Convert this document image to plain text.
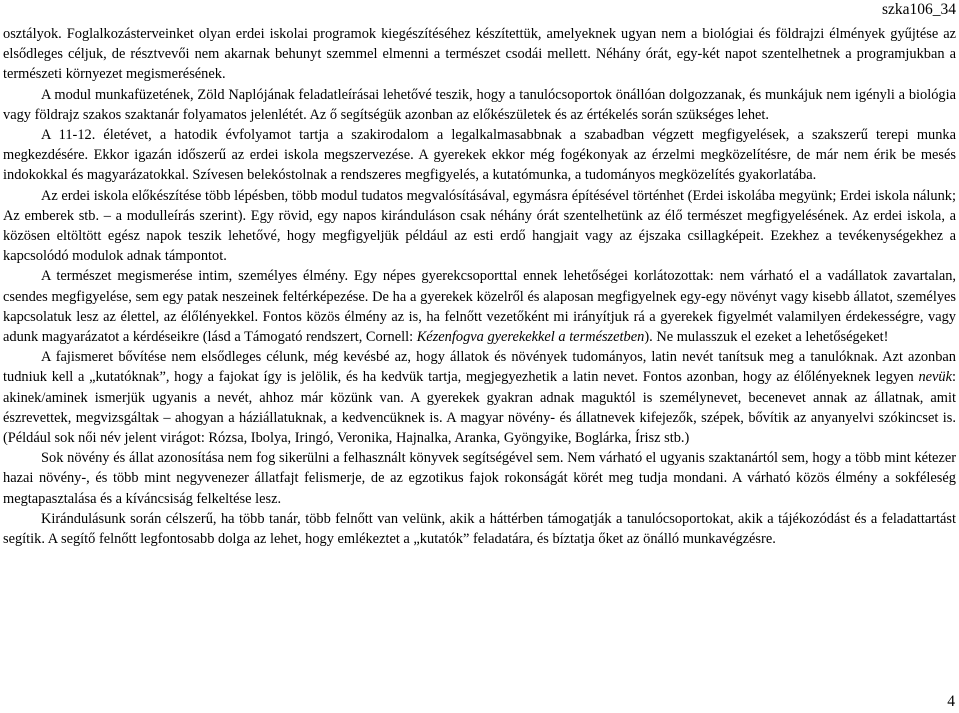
szka106_34

osztályok. Foglalkozásterveinket olyan erdei iskolai programok kiegészítéséhez készítettük, amelyeknek ugyan nem a biológiai és földrajzi élmények gyűjtése az elsődleges céljuk, de résztvevői nem akarnak behunyt szemmel elmenni a természet csodái mellett. Néhány órát, egy-két napot szentelhetnek a programjukban a természeti környezet megismerésének.

A modul munkafüzetének, Zöld Naplójának feladatleírásai lehetővé teszik, hogy a tanulócsoportok önállóan dolgozzanak, és munkájuk nem igényli a biológia vagy földrajz szakos szaktanár folyamatos jelenlétét. Az ő segítségük azonban az előkészületek és az értékelés során szükséges lehet.

A 11-12. életévet, a hatodik évfolyamot tartja a szakirodalom a legalkalmasabbnak a szabadban végzett megfigyelések, a szakszerű terepi munka megkezdésére. Ekkor igazán időszerű az erdei iskola megszervezése. A gyerekek ekkor még fogékonyak az érzelmi megközelítésre, de már nem érik be mesés indokokkal és magyarázatokkal. Szívesen belekóstolnak a rendszeres megfigyelés, a kutatómunka, a tudományos megközelítés gyakorlatába.

Az erdei iskola előkészítése több lépésben, több modul tudatos megvalósításával, egymásra építésével történhet (Erdei iskolába megyünk; Erdei iskola nálunk; Az emberek stb. – a modulleírás szerint). Egy rövid, egy napos kiránduláson csak néhány órát szentelhetünk az élő természet megfigyelésének. Az erdei iskola, a közösen eltöltött egész napok teszik lehetővé, hogy megfigyeljük például az esti erdő hangjait vagy az éjszaka csillagképeit. Ezekhez a tevékenységekhez a kapcsolódó modulok adnak támpontot.

A természet megismerése intim, személyes élmény. Egy népes gyerekcsoporttal ennek lehetőségei korlátozottak: nem várható el a vadállatok zavartalan, csendes megfigyelése, sem egy patak neszeinek feltérképezése. De ha a gyerekek közelről és alaposan megfigyelnek egy-egy növényt vagy kisebb állatot, személyes kapcsolatuk lesz az élettel, az élőlényekkel. Fontos közös élmény az is, ha felnőtt vezetőként mi irányítjuk rá a gyerekek figyelmét valamilyen érdekességre, vagy adunk magyarázatot a kérdéseikre (lásd a Támogató rendszert, Cornell: Kézenfogva gyerekekkel a természetben). Ne mulasszuk el ezeket a lehetőségeket!

A fajismeret bővítése nem elsődleges célunk, még kevésbé az, hogy állatok és növények tudományos, latin nevét tanítsuk meg a tanulóknak. Azt azonban tudniuk kell a „kutatóknak”, hogy a fajokat így is jelölik, és ha kedvük tartja, megjegyezhetik a latin nevet. Fontos azonban, hogy az élőlényeknek legyen nevük: akinek/aminek ismerjük ugyanis a nevét, ahhoz már közünk van. A gyerekek gyakran adnak maguktól is személynevet, becenevet annak az állatnak, amit észrevettek, megvizsgáltak – ahogyan a háziállatuknak, a kedvencüknek is. A magyar növény- és állatnevek kifejezők, szépek, bővítik az anyanyelvi szókincset is. (Például sok női név jelent virágot: Rózsa, Ibolya, Iringó, Veronika, Hajnalka, Aranka, Gyöngyike, Boglárka, Írisz stb.)

Sok növény és állat azonosítása nem fog sikerülni a felhasznált könyvek segítségével sem. Nem várható el ugyanis szaktanártól sem, hogy a több mint kétezer hazai növény-, és több mint negyvenezer állatfajt felismerje, de az egzotikus fajok rokonságát körét meg tudja mondani. A várható közös élmény a sokféleség megtapasztalása és a kíváncsiság felkeltése lesz.

Kirándulásunk során célszerű, ha több tanár, több felnőtt van velünk, akik a háttérben támogatják a tanulócsoportokat, akik a tájékozódást és a feladattartást segítik. A segítő felnőtt legfontosabb dolga az lehet, hogy emlékeztet a „kutatók” feladatára, és bíztatja őket az önálló munkavégzésre.

4
